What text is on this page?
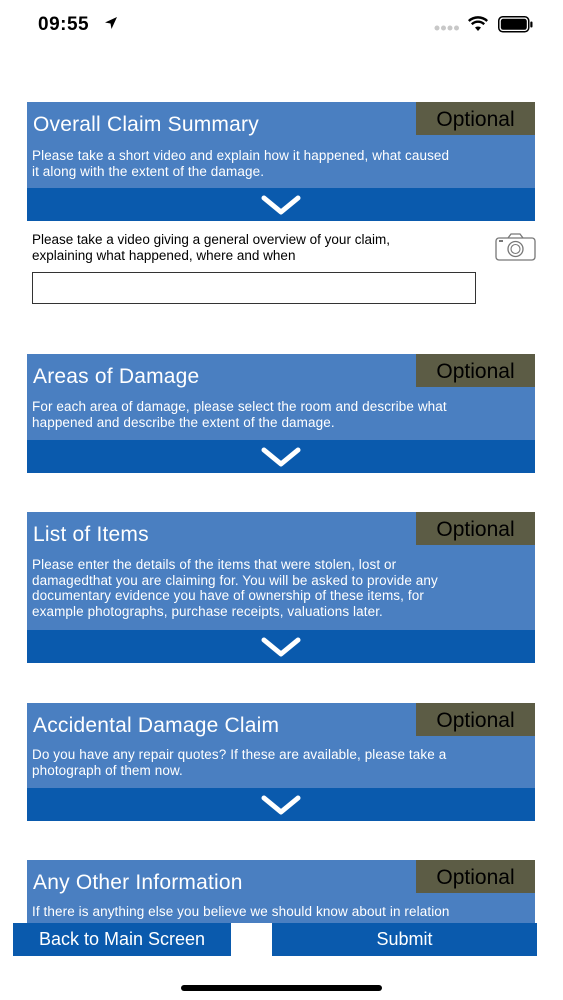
09:55
Overall Claim Summary	Optional
Please take a short video and explain how it happened, what caused
it along with the extent of the damage.
Please take a video giving a general overview of your claim,
explaining what happened, where and when
Areas of Damage	Optional
For each area of damage, please select the room and describe what
happened and describe the extent of the damage.
List of Items	Optional
Please enter the details of the items that were stolen, lost or
damagedthat you are claiming for. You will be asked to provide any
documentary evidence you have of ownership of these items, for
example photographs, purchase receipts, valuations later.
Accidental Damage Claim	Optional
Do you have any repair quotes? If these are available, please take a
photograph of them now.
Any Other Information	Optional
If there is anything else you believe we should know about in relation
Back to Main Screen	Submit
